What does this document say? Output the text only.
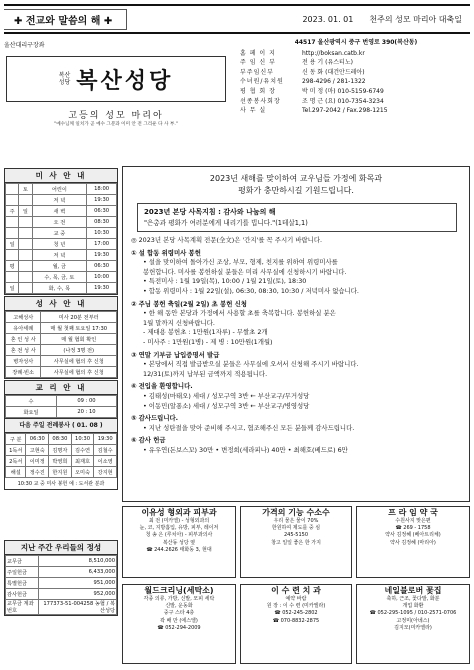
✚ 전교와 말씀의 해 ✚	2023. 01. 01 천주의 성모 마리아 대축일
울산대리구장좌
복산
성당 복산성당
고등의 성모 마리아
"예수님께 일치가 곧 예수 그분과 이미 안 전 그리운 다 사 부."
44517 울산광역시 중구 번영로 390(복산동)
홈 페 이 지	http://boksan.catb.kr
주 임 신 부	전 용 기 (유스티노)
부주임신부	신 동 화 (대건안드레아)
수녀원/유치원	298-4296 / 281-1322
평 협 회 장	박 미 정 (마) 010-5159-6749
선종봉사회장	조 명 근 (요) 010-7354-3234
사 무 실	Tel.297-2042 / Fax.298-1215
미 사 안 내
	토	어린이	18:00
		저 녁	19:30
주	일	새 벽	06:30
		오 전	08:30
		교 중	10:30
일		청 년	17:00
		저 녁	19:30
평		월, 금	06:30
		수, 목, 금, 토	10:00
일		화, 수, 목	19:30
성 사 안 내
고해성사	미사 20분 전부터
유아세례	매 월 첫째 토요일 17:30
혼 인 성 사	매 월 협회 확인
혼 전 성 사	(나정 3명 전)
병자성사	사무실에 협의 후 신청
장례·빈소	사무실에 협의 후 신청
교 리 안 내
수	09 : 00
화요일	20 : 10
다음 주일 전례봉사 ( 01. 08 )
구 분	06:30	08:30	10:30	19:30
1독서	고현숙	김명자	김수연	김철수
2독서	이미정	박영희	최재호	이소영
해설	정수진	한지원	오미숙	강지현
10:30 교 중 미사 봉헌 예 : 도서관 분과
지난 주간 우리들의 정성
교무금	8,510,000
주일헌금	6,433,000
특별헌금	951,000
감사헌금	952,000
교무금 계좌번호	177373-51-004258 농협 / 복산성당
2023년 새해를 맞이하여 교우님들 가정에 화목과
평화가 충만하시길 기원드립니다.
2023년 본당 사목지침 : 감사와 나눔의 해
"은총과 평화가 여러분에게 내리기를 빕니다."(1테살1,1)
◎ 2023년 본당 사목계획 전문(全文)은 '간지'를 꼭 주시기 바랍니다.
① 설 합동 위령미사 봉헌
• 설을 맞이하여 돌아가신 조상, 부모, 형제, 친지를 위하여 위령미사를
봉헌합니다. 미사를 봉헌하실 분들은 미리 사무실에 신청하시기 바랍니다.
• 특전미사 : 1월 19일(목), 10:00 / 1월 21일(토), 18:30
• 합동 위령미사 : 1월 22일(설), 06:30, 08:30, 10:30 / 저녁미사 없습니다.
② 주님 봉헌 축일(2월 2일) 초 봉헌 신청
• 한 해 동안 본당과 가정에서 사용할 초를 축복합니다. 봉헌하실 분은
1월 말까지 신청바랍니다.
- 제대용 봉헌초 : 1만원(1자루) - 무쌀초 2개
- 미사주 : 1만원(1병) - 제 병 : 10만원(1개월)
③ 연말 기부금 납입증명서 발급
• 본당에서 직접 발급받으실 분들은 사무실에 오셔서 신청해 주시기 바랍니다.
12/31(토)까지 납부된 금액까지 적용됩니다.
④ 전입을 환영합니다.
• 김태성(마태오) 세대 / 성모구역 3반 ← 부산교구/무거성당
• 이동민(알퐁소) 세대 / 성모구역 3반 ← 부산교구/병영성당
⑤ 감사드립니다.
• 지난 성탄절을 맞아 준비해 주시고, 협조해주신 모든 분들께 감사드립니다.
⑥ 감사 헌금
• 유우연(돈보스꼬) 30만 • 변정희(세라피나) 40만 • 최해호(베드로) 6만
이유성 형외과 피부과
최 전 (미카엘) - 성형외과의
눈, 코, 지방흡입, 유방, 피부, 레이저
청 송 은 (루치아) - 피부과의사
복산동 성당 옆
☎ 244.2626 태화동 3, 현대
가격의 기능 수소수
우리 물은 물이 70%
한원하여 제도를 중 심
245-5150
창고 일일 좋은 한 가지
프 라 임 약 국
수원사지 맞은편
☎ 269 - 1758
약사 김정혜 (베아트리체)
약사 김정혜 (마리아)
월드크리닝(세탁소)
각종 의류, 가방, 신발, 모피 세탁
신발, 운동화
중구 스타 4층
곽 배 만 (에스엘)
☎ 052-294-2009
이 수 련 치 과
예약 바람
원 장 : 이 수 련 (미카엘라)
☎ 052-245-2802
☎ 070-8832-2875
네일블로버 꽃집
축하, 근조, 꽃다발, 화분
개업 화환
☎ 052-295-1095 / 010-2571-0706
고정미(아녜스)
김지모(미카엘라)
